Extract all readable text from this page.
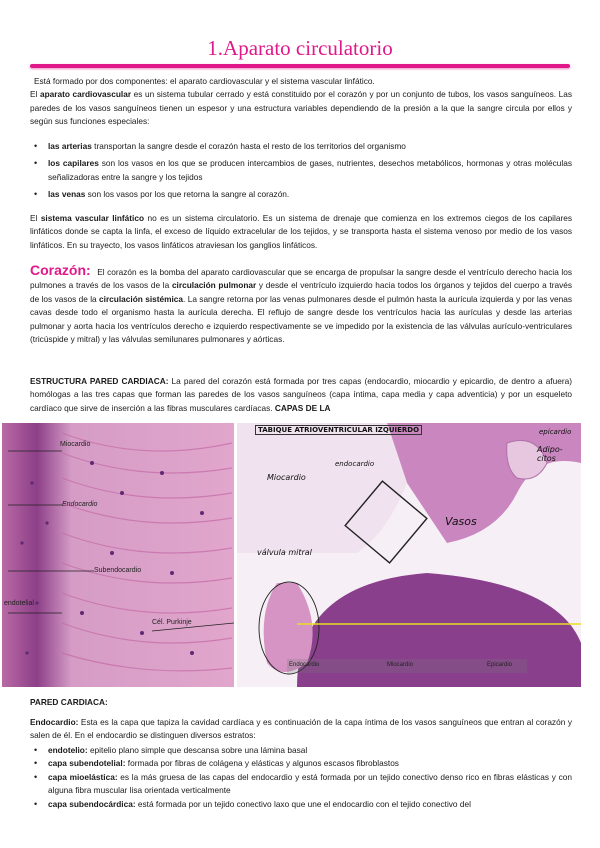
1.Aparato circulatorio
Está formado por dos componentes: el aparato cardiovascular y el sistema vascular linfático.
El aparato cardiovascular es un sistema tubular cerrado y está constituido por el corazón y por un conjunto de tubos, los vasos sanguíneos. Las paredes de los vasos sanguíneos tienen un espesor y una estructura variables dependiendo de la presión a la que la sangre circula por ellos y según sus funciones especiales:
• las arterias transportan la sangre desde el corazón hasta el resto de los territorios del organismo
• los capilares son los vasos en los que se producen intercambios de gases, nutrientes, desechos metabólicos, hormonas y otras moléculas señalizadoras entre la sangre y los tejidos
• las venas son los vasos por los que retorna la sangre al corazón.
El sistema vascular linfático no es un sistema circulatorio. Es un sistema de drenaje que comienza en los extremos ciegos de los capilares linfáticos donde se capta la linfa, el exceso de líquido extracelular de los tejidos, y se transporta hasta el sistema venoso por medio de los vasos linfáticos. En su trayecto, los vasos linfáticos atraviesan los ganglios linfáticos.
Corazón: El corazón es la bomba del aparato cardiovascular que se encarga de propulsar la sangre desde el ventrículo derecho hacia los pulmones a través de los vasos de la circulación pulmonar y desde el ventrículo izquierdo hacia todos los órganos y tejidos del cuerpo a través de los vasos de la circulación sistémica. La sangre retorna por las venas pulmonares desde el pulmón hasta la aurícula izquierda y por las venas cavas desde todo el organismo hasta la aurícula derecha. El reflujo de sangre desde los ventrículos hacia las aurículas y desde las arterias pulmonar y aorta hacia los ventrículos derecho e izquierdo respectivamente se ve impedido por la existencia de las válvulas aurículo-ventriculares (tricúspide y mitral) y las válvulas semilunares pulmonares y aórticas.
ESTRUCTURA PARED CARDIACA: La pared del corazón está formada por tres capas (endocardio, miocardio y epicardio, de dentro a afuera) homólogas a las tres capas que forman las paredes de los vasos sanguíneos (capa íntima, capa media y capa adventicia) y por un esqueleto cardíaco que sirve de inserción a las fibras musculares cardíacas. CAPAS DE LA
Miocardio
Endocardio
Subendocardio
endotelial
Cél. Purkinje
TABIQUE ATRIOVENTRICULAR IZQUIERDO
Miocardio
endocardio
epicardio
Adipo-citos
Vasos
válvula mitral
Endocardio	Miocardio	Epicardio
PARED CARDIACA:
Endocardio: Esta es la capa que tapiza la cavidad cardíaca y es continuación de la capa íntima de los vasos sanguíneos que entran al corazón y salen de él. En el endocardio se distinguen diversos estratos:
• endotelio: epitelio plano simple que descansa sobre una lámina basal
• capa subendotelial: formada por fibras de colágena y elásticas y algunos escasos fibroblastos
• capa mioelástica: es la más gruesa de las capas del endocardio y está formada por un tejido conectivo denso rico en fibras elásticas y con alguna fibra muscular lisa orientada verticalmente
• capa subendocárdica: está formada por un tejido conectivo laxo que une el endocardio con el tejido conectivo del
